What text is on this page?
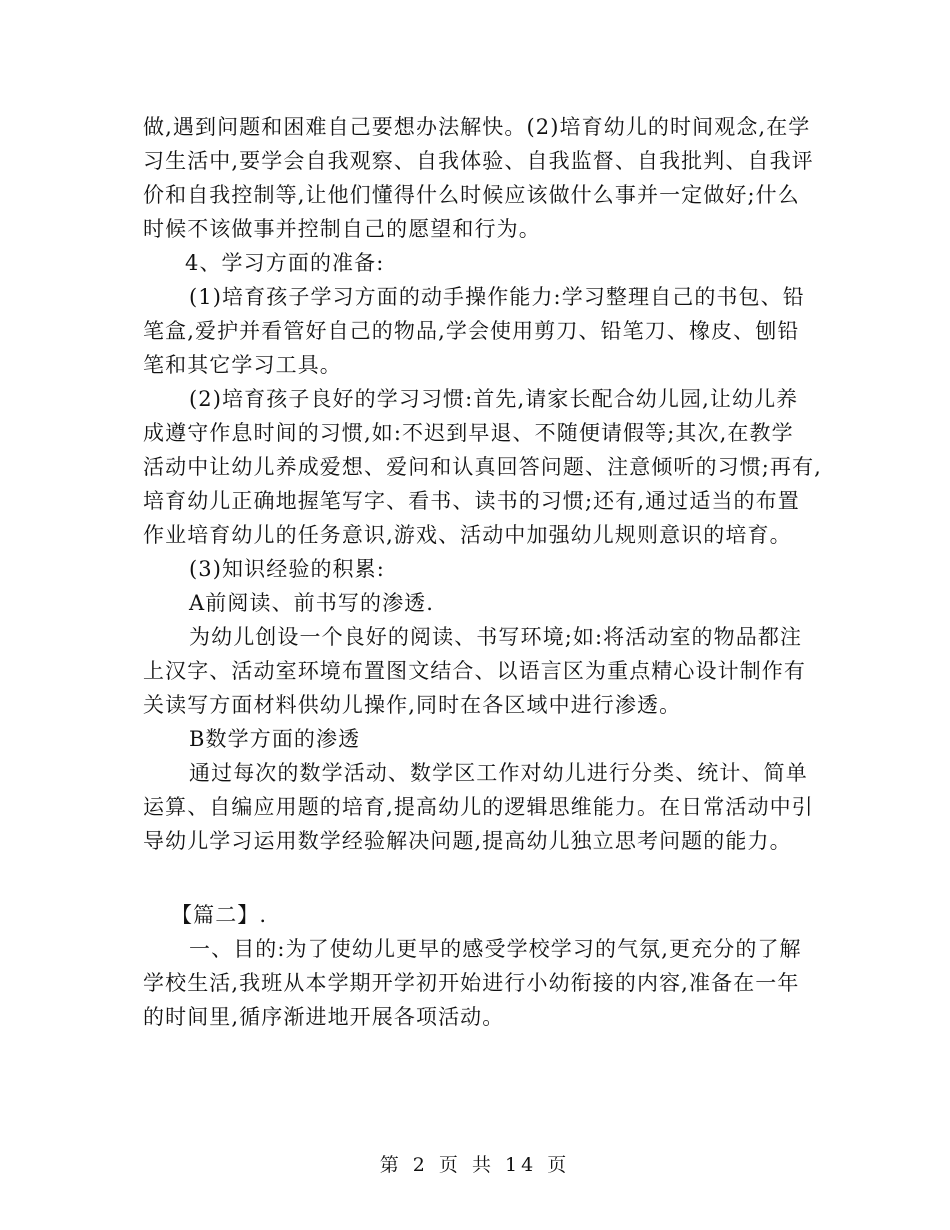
做,遇到问题和困难自己要想办法解快。(2)培育幼儿的时间观念,在学
习生活中,要学会自我观察、自我体验、自我监督、自我批判、自我评
价和自我控制等,让他们懂得什么时候应该做什么事并一定做好;什么
时候不该做事并控制自己的愿望和行为。
4、学习方面的准备:
(1)培育孩子学习方面的动手操作能力:学习整理自己的书包、铅
笔盒,爱护并看管好自己的物品,学会使用剪刀、铅笔刀、橡皮、刨铅
笔和其它学习工具。
(2)培育孩子良好的学习习惯:首先,请家长配合幼儿园,让幼儿养
成遵守作息时间的习惯,如:不迟到早退、不随便请假等;其次,在教学
活动中让幼儿养成爱想、爱问和认真回答问题、注意倾听的习惯;再有,
培育幼儿正确地握笔写字、看书、读书的习惯;还有,通过适当的布置
作业培育幼儿的任务意识,游戏、活动中加强幼儿规则意识的培育。
(3)知识经验的积累:
A前阅读、前书写的渗透.
为幼儿创设一个良好的阅读、书写环境;如:将活动室的物品都注
上汉字、活动室环境布置图文结合、以语言区为重点精心设计制作有
关读写方面材料供幼儿操作,同时在各区域中进行渗透。
B数学方面的渗透
通过每次的数学活动、数学区工作对幼儿进行分类、统计、简单
运算、自编应用题的培育,提高幼儿的逻辑思维能力。在日常活动中引
导幼儿学习运用数学经验解决问题,提高幼儿独立思考问题的能力。
【篇二】.
一、目的:为了使幼儿更早的感受学校学习的气氛,更充分的了解
学校生活,我班从本学期开学初开始进行小幼衔接的内容,准备在一年
的时间里,循序渐进地开展各项活动。
第 2 页 共 14 页
